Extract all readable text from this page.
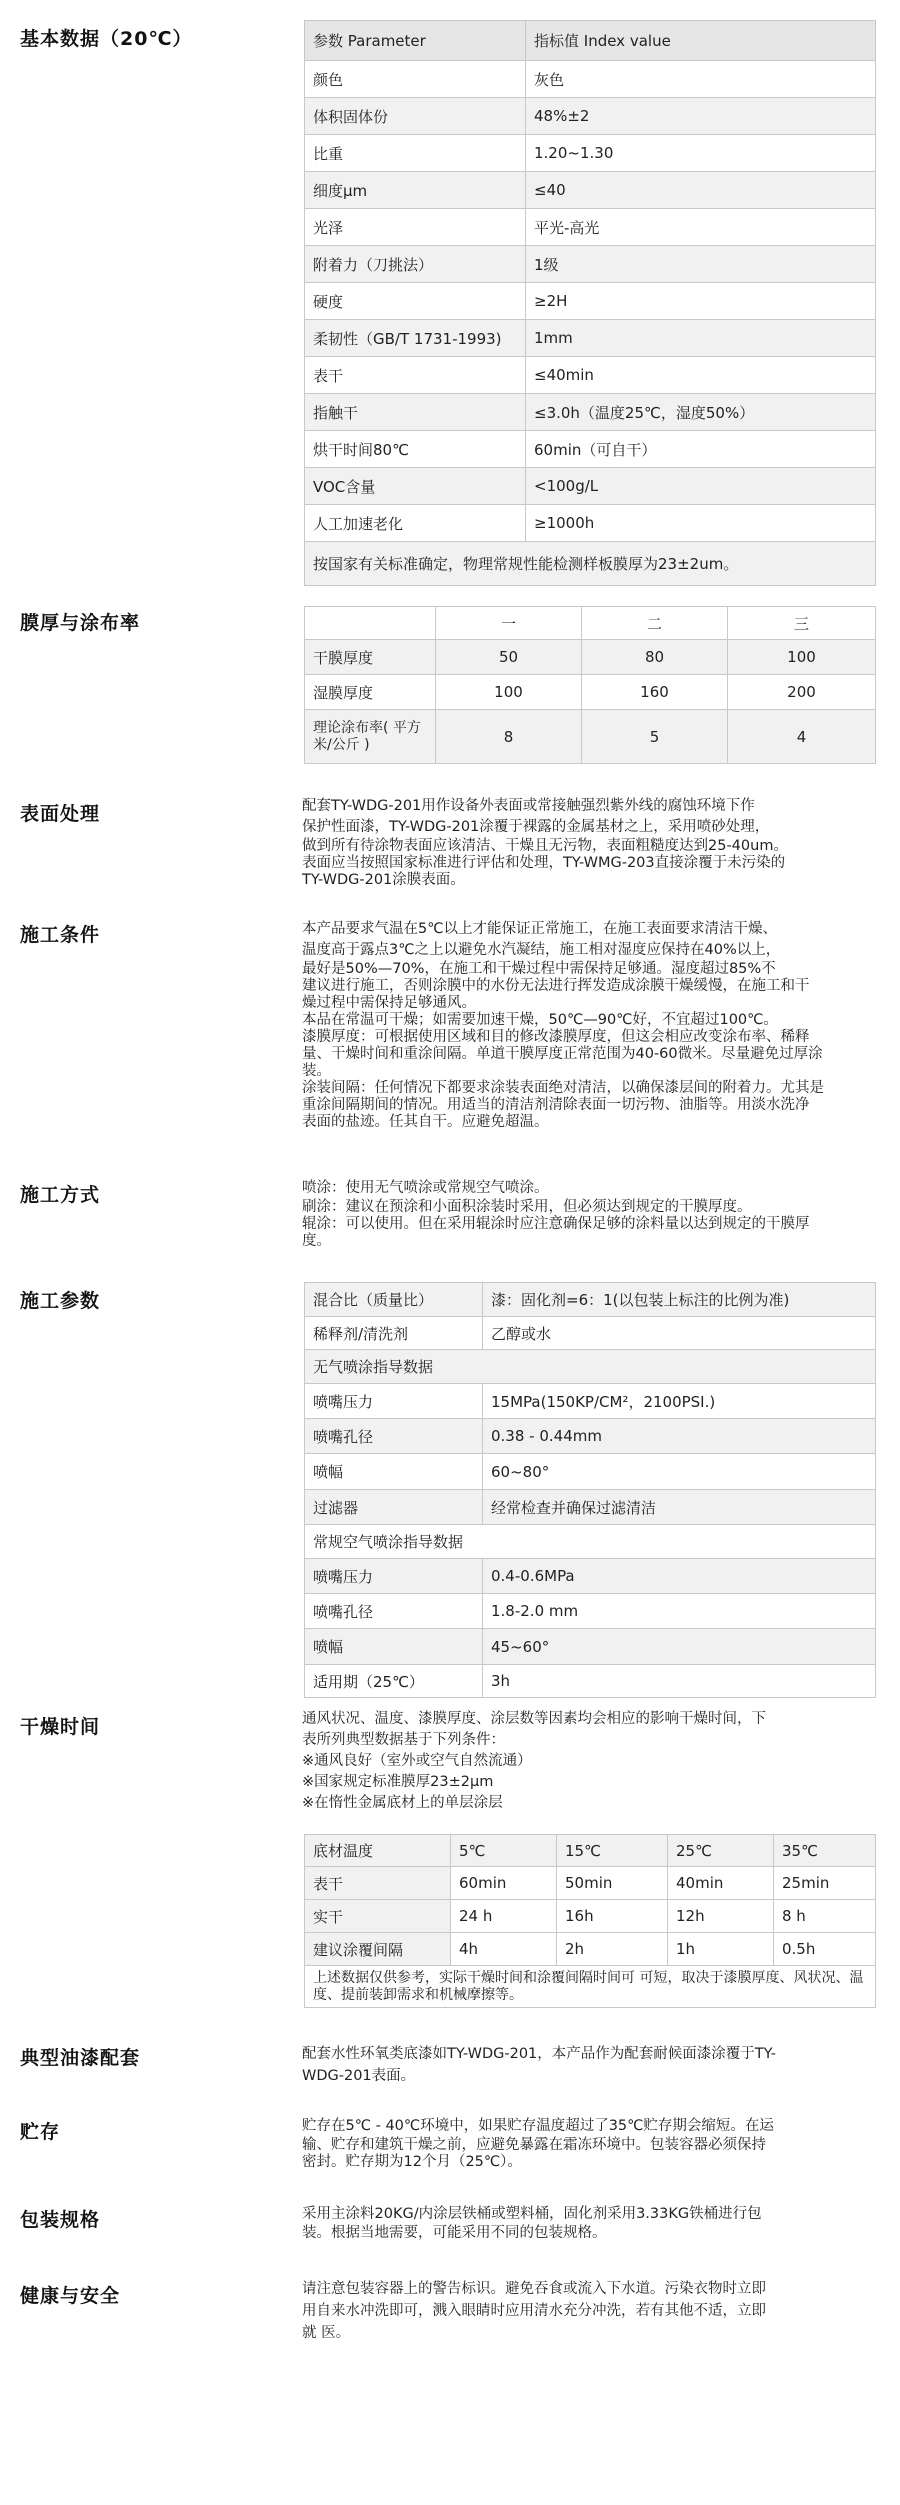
基本数据（20℃）	参数 Parameter	指标值 Index value
颜色	灰色
体积固体份	48%±2
比重	1.20~1.30
细度μm	≤40
光泽	平光-高光
附着力（刀挑法）	1级
硬度	≥2H
柔韧性（GB/T 1731-1993)	1mm
表干	≤40min
指触干	≤3.0h（温度25℃，湿度50%）
烘干时间80℃	60min（可自干）
VOC含量	<100g/L
人工加速老化	≥1000h
按国家有关标准确定，物理常规性能检测样板膜厚为23±2um。	
膜厚与涂布率
		一	二	三
干膜厚度	50	80	100
湿膜厚度	100	160	200
理论涂布率( 平方米/公斤 )	8	5	4
表面处理	配套TY-WDG-201用作设备外表面或常接触强烈紫外线的腐蚀环境下作

保护性面漆，TY-WDG-201涂覆于裸露的金属基材之上，采用喷砂处理，

做到所有待涂物表面应该清洁、干燥且无污物，表面粗糙度达到25-40um。

表面应当按照国家标准进行评估和处理，TY-WMG-203直接涂覆于未污染的

TY-WDG-201涂膜表面。

施工条件	本产品要求气温在5℃以上才能保证正常施工，在施工表面要求清洁干燥、

温度高于露点3℃之上以避免水汽凝结，施工相对湿度应保持在40%以上，

最好是50%—70%，在施工和干燥过程中需保持足够通。湿度超过85%不

建议进行施工，否则涂膜中的水份无法进行挥发造成涂膜干燥缓慢，在施工和干

燥过程中需保持足够通风。

本品在常温可干燥；如需要加速干燥，50℃—90℃好，不宜超过100℃。

漆膜厚度：可根据使用区域和目的修改漆膜厚度，但这会相应改变涂布率、稀释

量、干燥时间和重涂间隔。单道干膜厚度正常范围为40-60微米。尽量避免过厚涂

装。

涂装间隔：任何情况下都要求涂装表面绝对清洁，以确保漆层间的附着力。尤其是

重涂间隔期间的情况。用适当的清洁剂清除表面一切污物、油脂等。用淡水洗净

表面的盐迹。任其自干。应避免超温。

施工方式	喷涂：使用无气喷涂或常规空气喷涂。

刷涂：建议在预涂和小面积涂装时采用，但必须达到规定的干膜厚度。

辊涂：可以使用。但在采用辊涂时应注意确保足够的涂料量以达到规定的干膜厚

度。

施工参数	混合比（质量比）	漆：固化剂=6：1(以包装上标注的比例为准)
稀释剂/清洗剂	乙醇或水
无气喷涂指导数据	
喷嘴压力	15MPa(150KP/CM²，2100PSI.)
喷嘴孔径	0.38 - 0.44mm
喷幅	60~80°
过滤器	经常检查并确保过滤清洁
常规空气喷涂指导数据	
喷嘴压力	0.4-0.6MPa
喷嘴孔径	1.8-2.0 mm
喷幅	45~60°
适用期（25℃）	3h
干燥时间	通风状况、温度、漆膜厚度、涂层数等因素均会相应的影响干燥时间，下

表所列典型数据基于下列条件：

※通风良好（室外或空气自然流通）

※国家规定标准膜厚23±2μm

※在惰性金属底材上的单层涂层

底材温度	5℃	15℃	25℃	35℃
表干	60min	50min	40min	25min
实干	24 h	16h	12h	8 h
建议涂覆间隔	4h	2h	1h	0.5h
上述数据仅供参考，实际干燥时间和涂覆间隔时间可 可短，取决于漆膜厚度、风状况、温度、提前装卸需求和机械摩擦等。				
典型油漆配套	配套水性环氧类底漆如TY-WDG-201，本产品作为配套耐候面漆涂覆于TY-

WDG-201表面。

贮存	贮存在5℃ - 40℃环境中，如果贮存温度超过了35℃贮存期会缩短。在运

输、贮存和建筑干燥之前，应避免暴露在霜冻环境中。包装容器必须保持

密封。贮存期为12个月（25℃）。

包装规格	采用主涂料20KG/内涂层铁桶或塑料桶，固化剂采用3.33KG铁桶进行包

装。根据当地需要，可能采用不同的包装规格。

健康与安全	请注意包装容器上的警告标识。避免吞食或流入下水道。污染衣物时立即

用自来水冲洗即可，溅入眼睛时应用清水充分冲洗，若有其他不适，立即

就 医。
